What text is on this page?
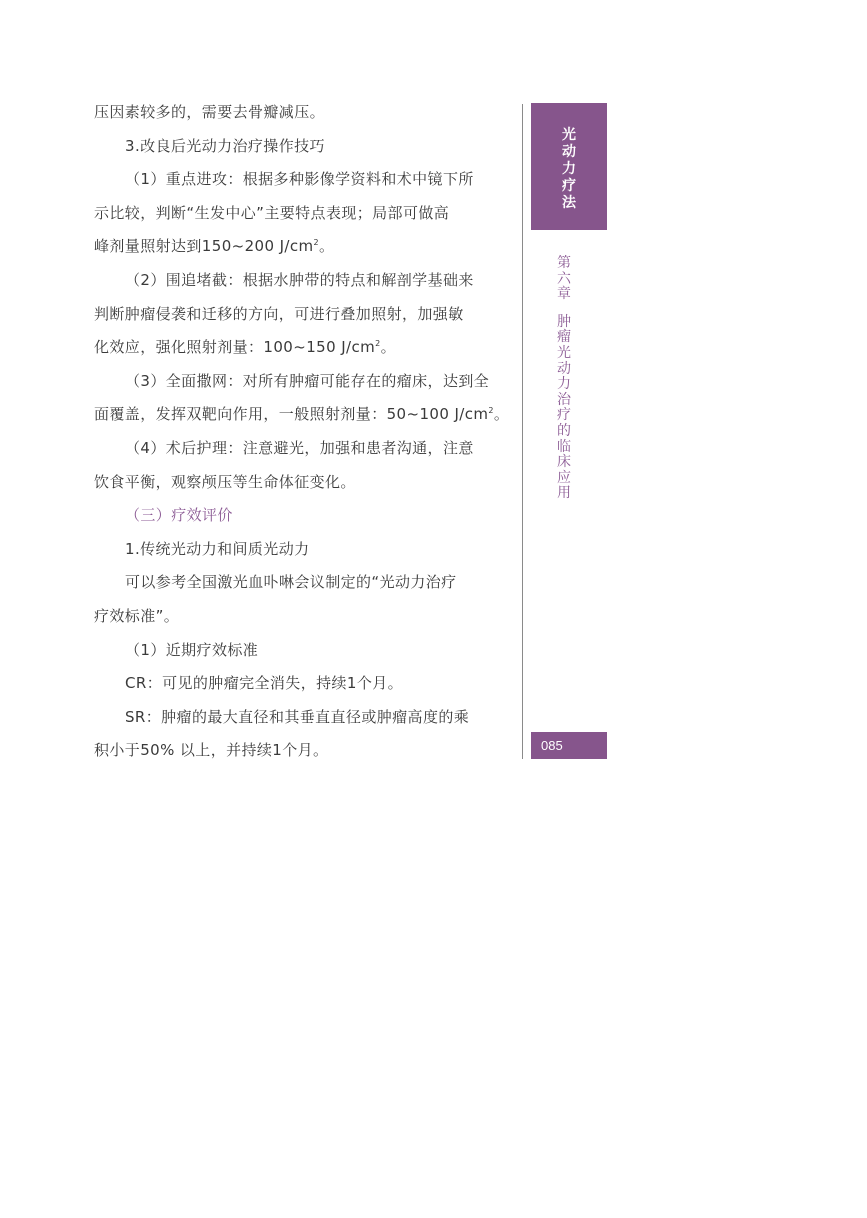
压因素较多的，需要去骨瓣减压。
3.改良后光动力治疗操作技巧
（1）重点进攻：根据多种影像学资料和术中镜下所
示比较，判断“生发中心”主要特点表现；局部可做高
峰剂量照射达到150~200 $J/cm^2$。
（2）围追堵截：根据水肿带的特点和解剖学基础来
判断肿瘤侵袭和迁移的方向，可进行叠加照射，加强敏
化效应，强化照射剂量：100~150 $J/cm^2$。
（3）全面撒网：对所有肿瘤可能存在的瘤床，达到全
面覆盖，发挥双靶向作用，一般照射剂量：50~100 $J/cm^2$。
（4）术后护理：注意避光，加强和患者沟通，注意
饮食平衡，观察颅压等生命体征变化。
（三）疗效评价
1.传统光动力和间质光动力
可以参考全国激光血卟啉会议制定的“光动力治疗
疗效标准”。
（1）近期疗效标准
CR：可见的肿瘤完全消失，持续1个月。
SR：肿瘤的最大直径和其垂直直径或肿瘤高度的乘
积小于50% 以上，并持续1个月。
光
动
力
疗
法
第
六
章
肿
瘤
光
动
力
治
疗
的
临
床
应
用
085
